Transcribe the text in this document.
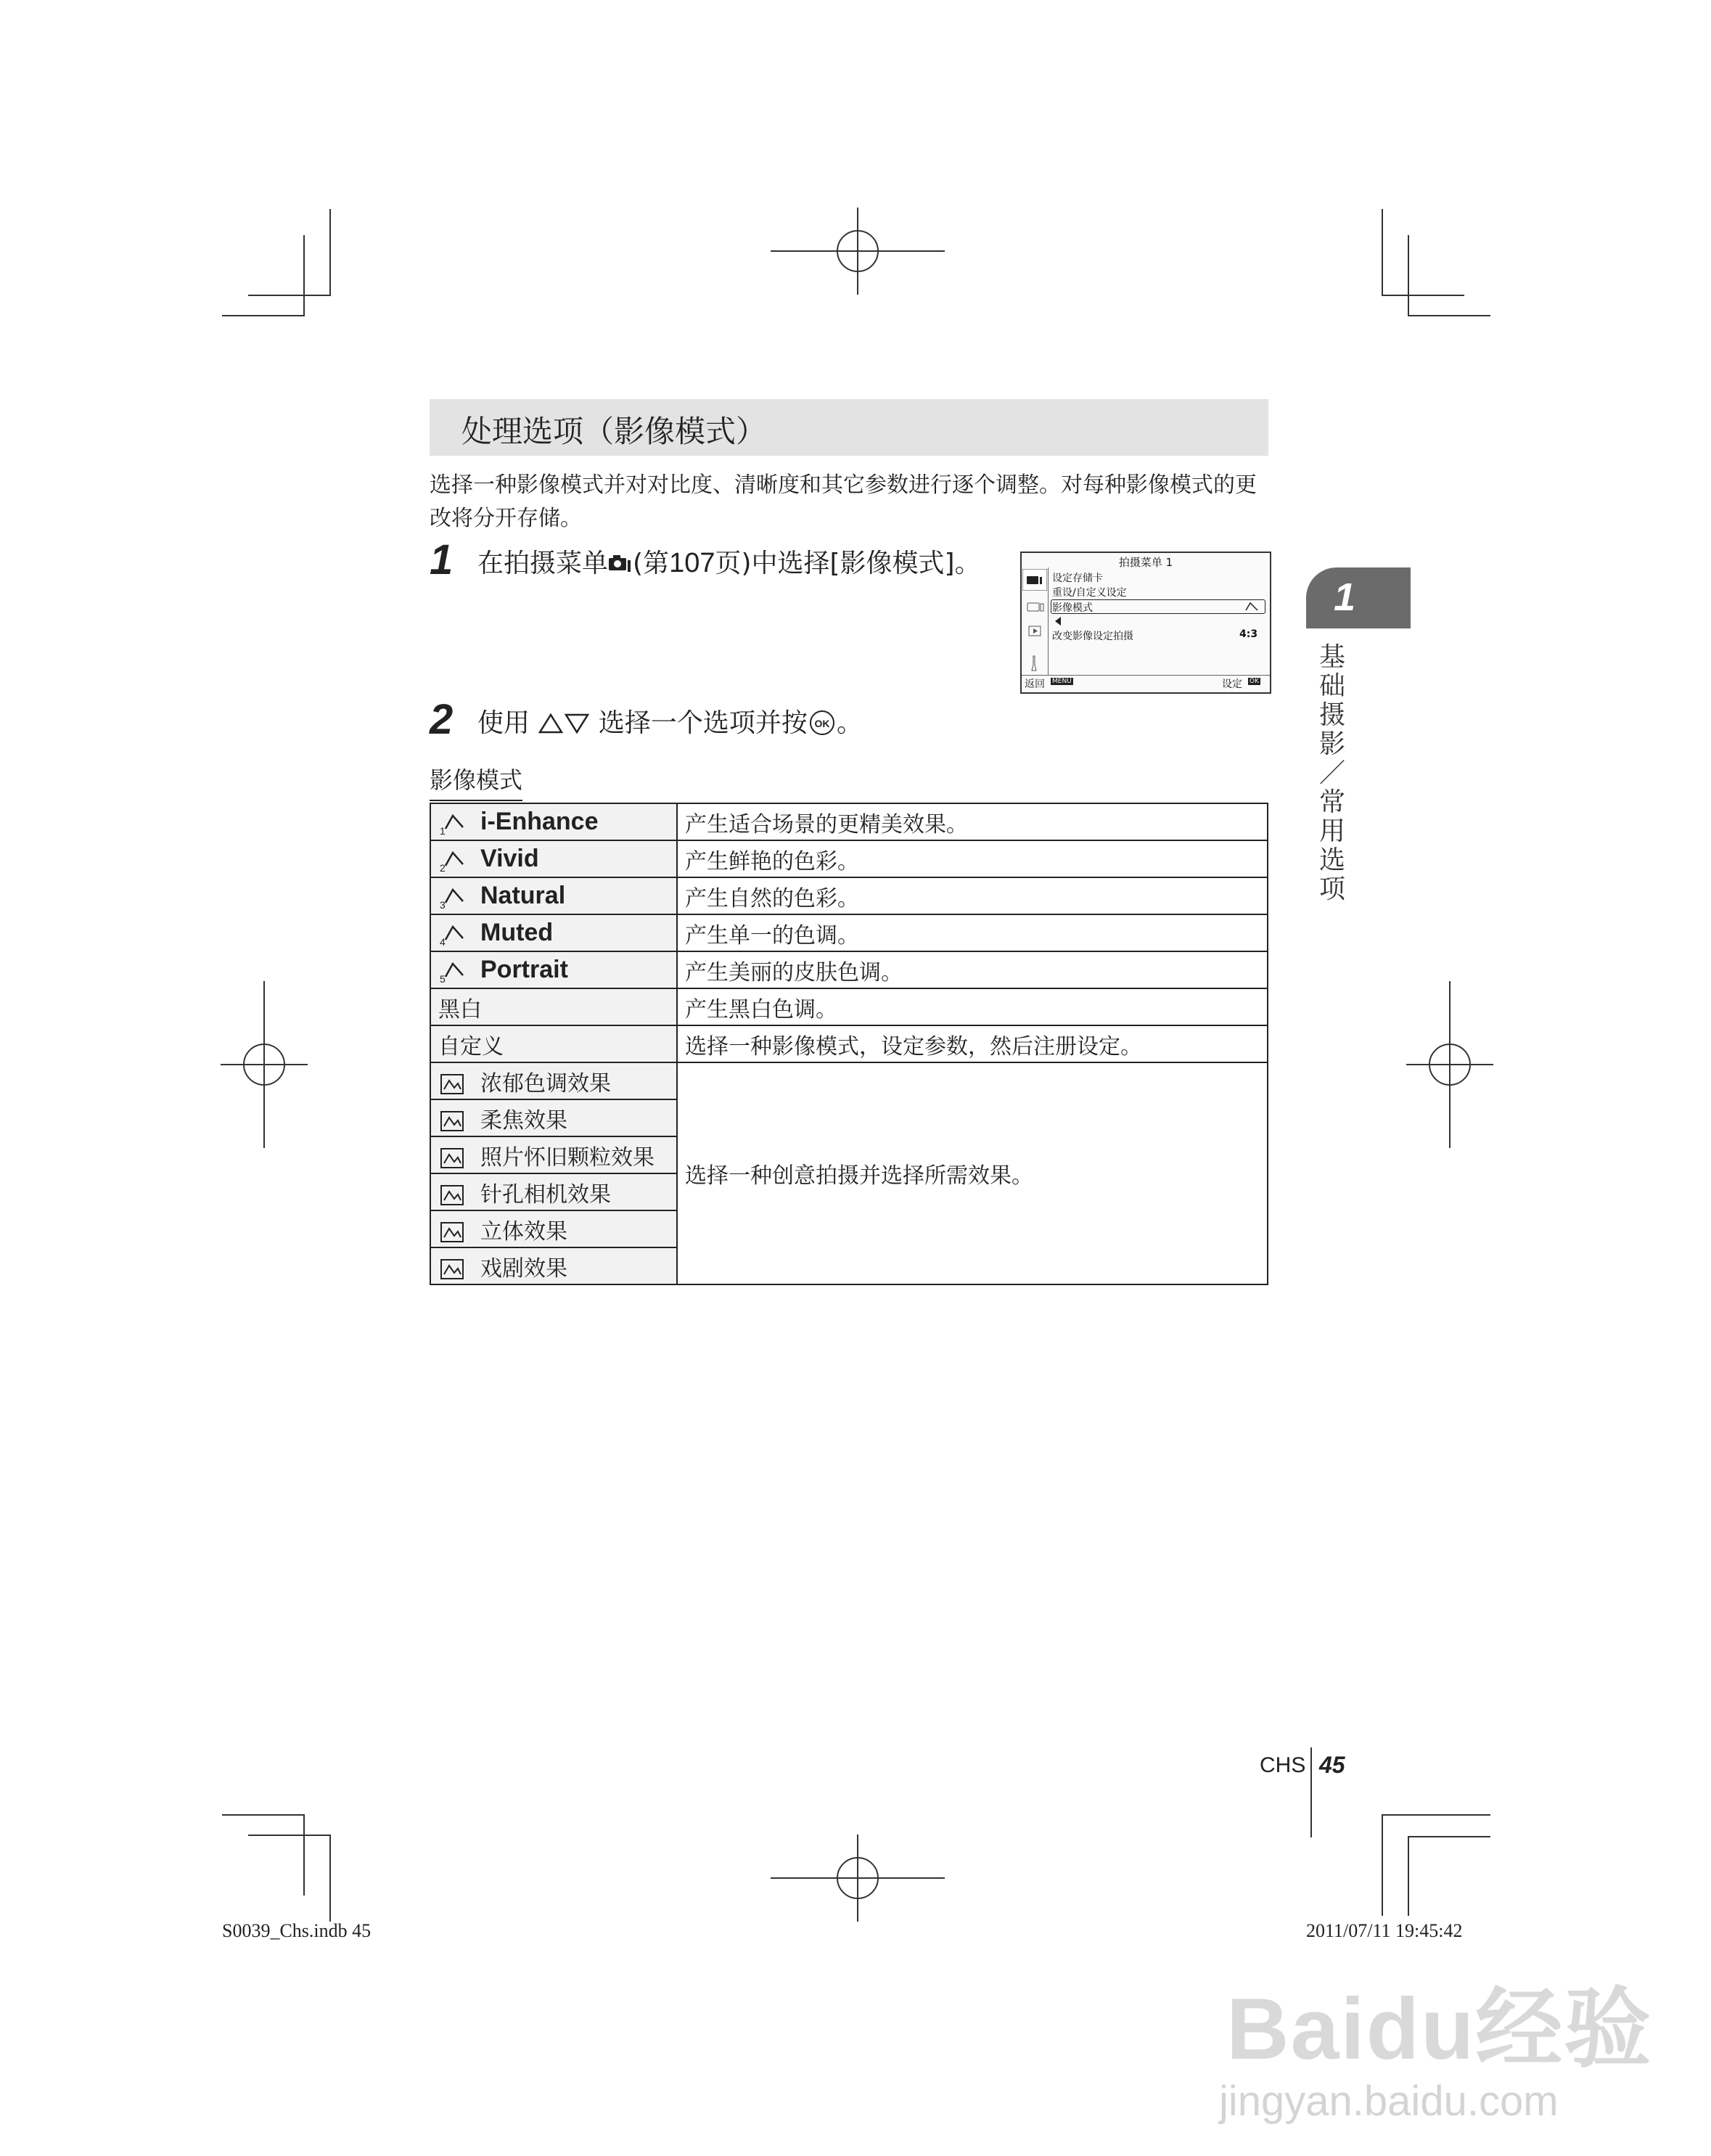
处理选项（影像模式）
选择一种影像模式并对对比度、清晰度和其它参数进行逐个调整。对每种影像模式的更改将分开存储。
1 在拍摄菜单 (第107页)中选择[影像模式]。	拍摄菜单 1
设定存储卡
重设/自定义设定
影像模式
改变影像设定拍摄	4:3
返回 MENU	设定 OK
1
基
础
摄
影
／
常
用
选
项
2 使用	选择一个选项并按 OK 。
影像模式
1 i-Enhance	产生适合场景的更精美效果。

2 Vivid	产生鲜艳的色彩。

3 Natural	产生自然的色彩。

4 Muted	产生单一的色调。

5 Portrait	产生美丽的皮肤色调。
黑白	产生黑白色调。
自定义	选择一种影像模式，设定参数，然后注册设定。
浓郁色调效果	选择一种创意拍摄并选择所需效果。
柔焦效果	
照片怀旧颗粒效果	
针孔相机效果	
立体效果	
戏剧效果	
CHS 45
S0039_Chs.indb 45	2011/07/11 19:45:42
Baidu经验
jingyan.baidu.com
